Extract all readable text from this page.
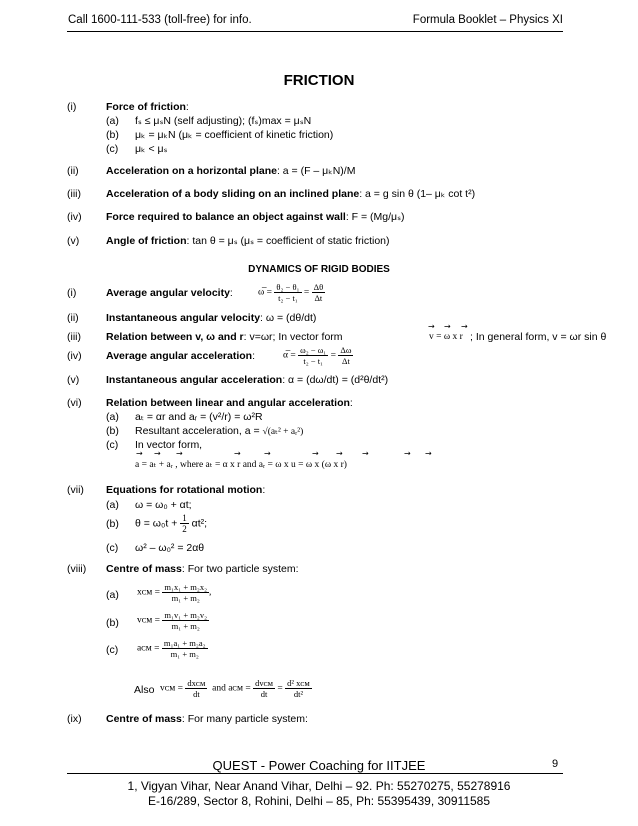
Call 1600-111-533 (toll-free) for info.	Formula Booklet – Physics XI
FRICTION
(i)	Force of friction:
(a) fₛ ≤ μₛN (self adjusting); (fₛ)max = μₛN
(b) μₖ = μₖN (μₖ = coefficient of kinetic friction)
(c) μₖ < μₛ
(ii)	Acceleration on a horizontal plane: a = (F – μₖN)/M
(iii) Acceleration of a body sliding on an inclined plane: a = g sin θ (1– μₖ cot t²)
(iv) Force required to balance an object against wall: F = (Mg/μₛ)
(v)	Angle of friction: tan θ = μₛ (μₛ = coefficient of static friction)
DYNAMICS OF RIGID BODIES
(i)	Average angular velocity:	ω̅ = $\frac{\text{θ₂ − θ₁}}{\text{t₂ − t₁}} = \frac{\Delta\theta}{\Delta t}$
(ii)	Instantaneous angular velocity: ω = (dθ/dt)
(iii) Relation between v, ω and r: v=ωr; In vector form	v = ω x r
→ → →
; In general form, v = ωr sin θ
(iv) Average angular acceleration:	α̅ = $\frac{\text{ω₂ − ω₁}}{\text{t₂ − t₁}} = \frac{\Delta\omega}{\Delta t}$
(v)	Instantaneous angular acceleration: α = (dω/dt) = (d²θ/dt²)
(vi) Relation between linear and angular acceleration:
(a) aₜ = αr and aᵣ = (v²/r) = ω²R
(b) Resultant acceleration, a = √(aₜ² + aᵣ²)
(c) In vector form,
a = aₜ + aᵣ , where aₜ = α x r and aᵣ = ω x u = ω x (ω x r)
→ → →	→	→	→ → →	→ →
(vii) Equations for rotational motion:
(a) ω = ω₀ + αt;
(b) $\theta = \omega_0t + \frac{1}{2} \alpha t^2$;
(c) ω² – ω₀² = 2αθ
(viii) Centre of mass: For two particle system:
(a) xᴄᴍ = $\frac{\text{m₁x₁ + m₂x₂}}{\text{m₁ + m₂}}$ ,
(b) vᴄᴍ = $\frac{\text{m₁v₁ + m₂v₂}}{\text{m₁ + m₂}}$
(c) aᴄᴍ = $\frac{\text{m₁a₁ + m₂a₂}}{\text{m₁ + m₂}}$
Also vᴄᴍ = $\frac{\text{dxᴄᴍ}}{dt}$ and aᴄᴍ = $\frac{\text{dvᴄᴍ}}{dt} = \frac{\text{d² xᴄᴍ}}{\text{dt²}}$
(ix) Centre of mass: For many particle system:
QUEST - Power Coaching for IITJEE	9
1, Vigyan Vihar, Near Anand Vihar, Delhi – 92. Ph: 55270275, 55278916
E-16/289, Sector 8, Rohini, Delhi – 85, Ph: 55395439, 30911585
